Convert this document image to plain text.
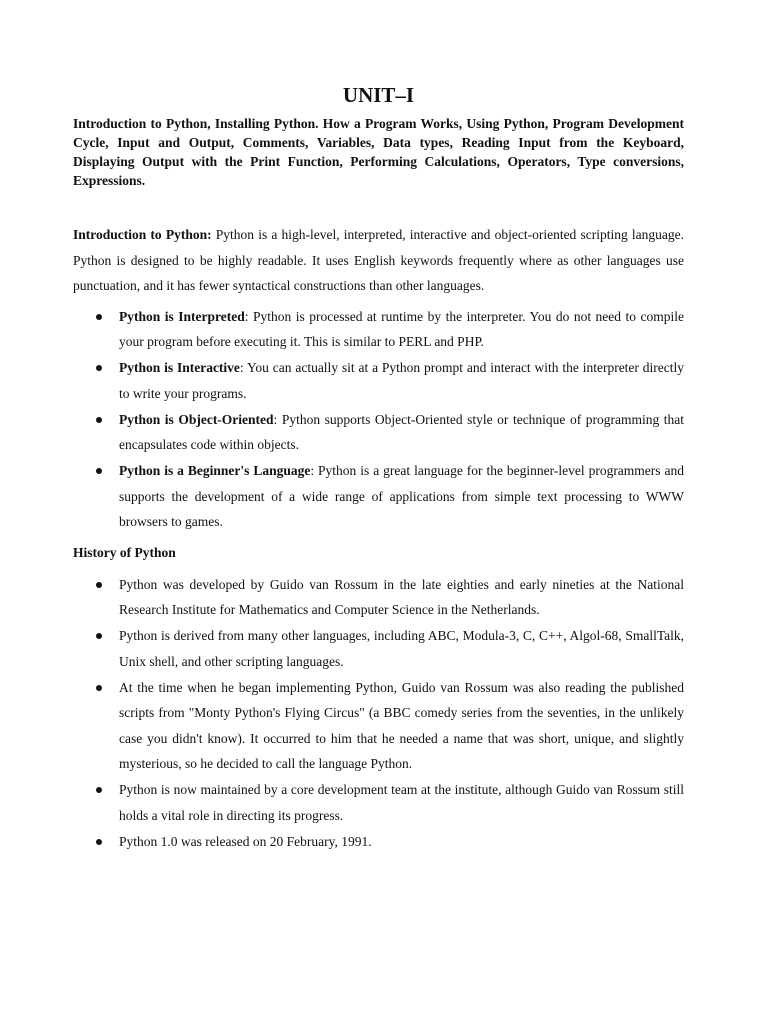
UNIT–I

Introduction to Python, Installing Python. How a Program Works, Using Python, Program Development Cycle, Input and Output, Comments, Variables, Data types, Reading Input from the Keyboard, Displaying Output with the Print Function, Performing Calculations, Operators, Type conversions, Expressions.

Introduction to Python: Python is a high-level, interpreted, interactive and object-oriented scripting language. Python is designed to be highly readable. It uses English keywords frequently where as other languages use punctuation, and it has fewer syntactical constructions than other languages.

Python is Interpreted: Python is processed at runtime by the interpreter. You do not need to compile your program before executing it. This is similar to PERL and PHP.
Python is Interactive: You can actually sit at a Python prompt and interact with the interpreter directly to write your programs.
Python is Object-Oriented: Python supports Object-Oriented style or technique of programming that encapsulates code within objects.
Python is a Beginner's Language: Python is a great language for the beginner-level programmers and supports the development of a wide range of applications from simple text processing to WWW browsers to games.

History of Python

Python was developed by Guido van Rossum in the late eighties and early nineties at the National Research Institute for Mathematics and Computer Science in the Netherlands.
Python is derived from many other languages, including ABC, Modula-3, C, C++, Algol-68, SmallTalk, Unix shell, and other scripting languages.
At the time when he began implementing Python, Guido van Rossum was also reading the published scripts from "Monty Python's Flying Circus" (a BBC comedy series from the seventies, in the unlikely case you didn't know). It occurred to him that he needed a name that was short, unique, and slightly mysterious, so he decided to call the language Python.
Python is now maintained by a core development team at the institute, although Guido van Rossum still holds a vital role in directing its progress.
Python 1.0 was released on 20 February, 1991.
